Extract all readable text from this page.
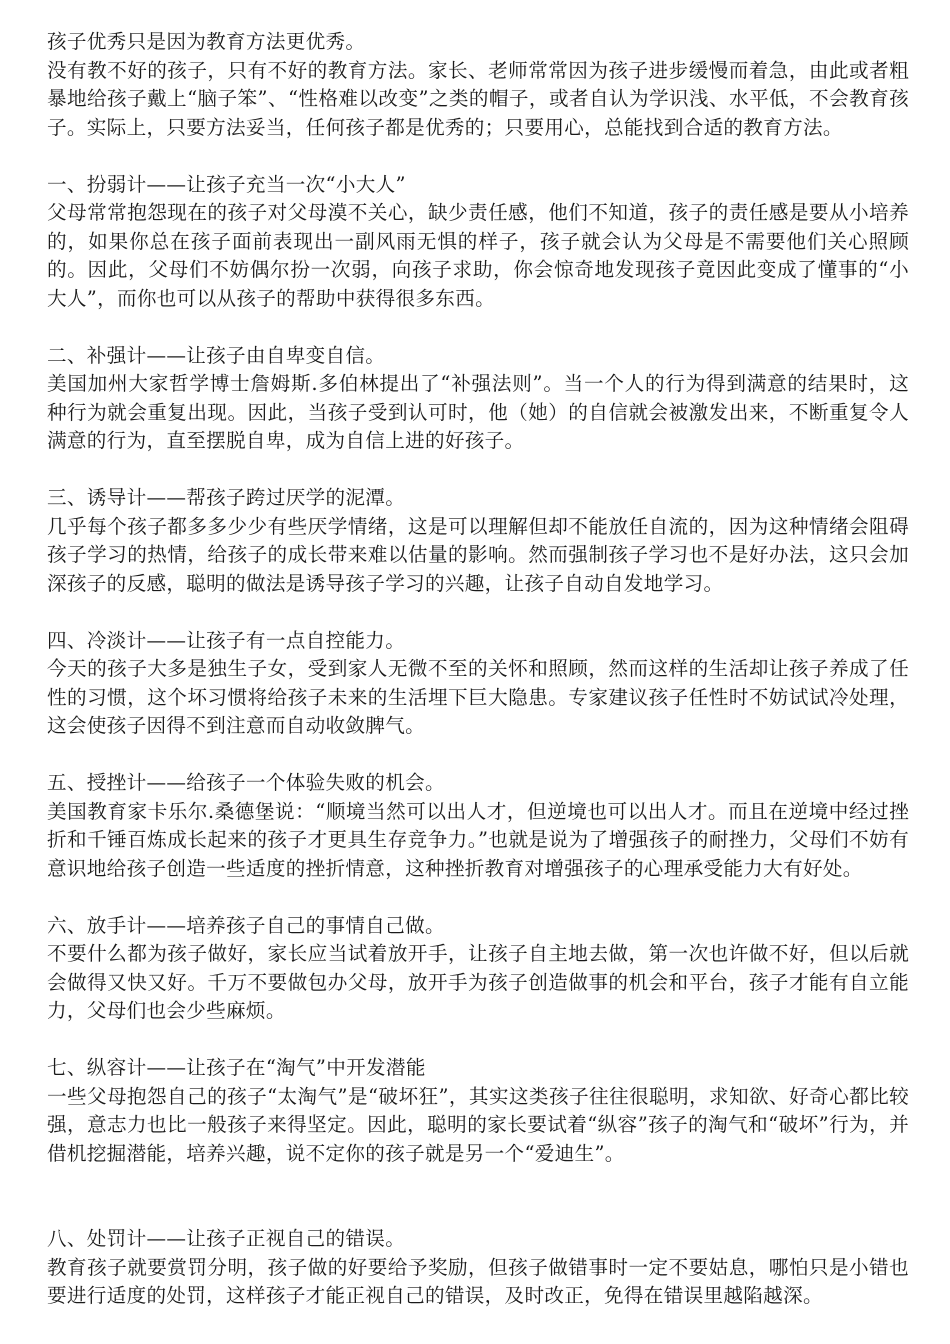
孩子优秀只是因为教育方法更优秀。

没有教不好的孩子，只有不好的教育方法。家长、老师常常因为孩子进步缓慢而着急，由此或者粗暴地给孩子戴上“脑子笨”、“性格难以改变”之类的帽子，或者自认为学识浅、水平低，不会教育孩子。实际上，只要方法妥当，任何孩子都是优秀的；只要用心，总能找到合适的教育方法。

一、扮弱计——让孩子充当一次“小大人”

父母常常抱怨现在的孩子对父母漠不关心，缺少责任感，他们不知道，孩子的责任感是要从小培养的，如果你总在孩子面前表现出一副风雨无惧的样子，孩子就会认为父母是不需要他们关心照顾的。因此，父母们不妨偶尔扮一次弱，向孩子求助，你会惊奇地发现孩子竟因此变成了懂事的“小大人”，而你也可以从孩子的帮助中获得很多东西。

二、补强计——让孩子由自卑变自信。

美国加州大家哲学博士詹姆斯.多伯林提出了“补强法则”。当一个人的行为得到满意的结果时，这种行为就会重复出现。因此，当孩子受到认可时，他（她）的自信就会被激发出来，不断重复令人满意的行为，直至摆脱自卑，成为自信上进的好孩子。

三、诱导计——帮孩子跨过厌学的泥潭。

几乎每个孩子都多多少少有些厌学情绪，这是可以理解但却不能放任自流的，因为这种情绪会阻碍孩子学习的热情，给孩子的成长带来难以估量的影响。然而强制孩子学习也不是好办法，这只会加深孩子的反感，聪明的做法是诱导孩子学习的兴趣，让孩子自动自发地学习。

四、冷淡计——让孩子有一点自控能力。

今天的孩子大多是独生子女，受到家人无微不至的关怀和照顾，然而这样的生活却让孩子养成了任性的习惯，这个坏习惯将给孩子未来的生活埋下巨大隐患。专家建议孩子任性时不妨试试冷处理，这会使孩子因得不到注意而自动收敛脾气。

五、授挫计——给孩子一个体验失败的机会。

美国教育家卡乐尔.桑德堡说：“顺境当然可以出人才，但逆境也可以出人才。而且在逆境中经过挫折和千锤百炼成长起来的孩子才更具生存竞争力。”也就是说为了增强孩子的耐挫力，父母们不妨有意识地给孩子创造一些适度的挫折情意，这种挫折教育对增强孩子的心理承受能力大有好处。

六、放手计——培养孩子自己的事情自己做。

不要什么都为孩子做好，家长应当试着放开手，让孩子自主地去做，第一次也许做不好，但以后就会做得又快又好。千万不要做包办父母，放开手为孩子创造做事的机会和平台，孩子才能有自立能力，父母们也会少些麻烦。

七、纵容计——让孩子在“淘气”中开发潜能

一些父母抱怨自己的孩子“太淘气”是“破坏狂”，其实这类孩子往往很聪明，求知欲、好奇心都比较强，意志力也比一般孩子来得坚定。因此，聪明的家长要试着“纵容”孩子的淘气和“破坏”行为，并借机挖掘潜能，培养兴趣，说不定你的孩子就是另一个“爱迪生”。

八、处罚计——让孩子正视自己的错误。

教育孩子就要赏罚分明，孩子做的好要给予奖励，但孩子做错事时一定不要姑息，哪怕只是小错也要进行适度的处罚，这样孩子才能正视自己的错误，及时改正，免得在错误里越陷越深。
